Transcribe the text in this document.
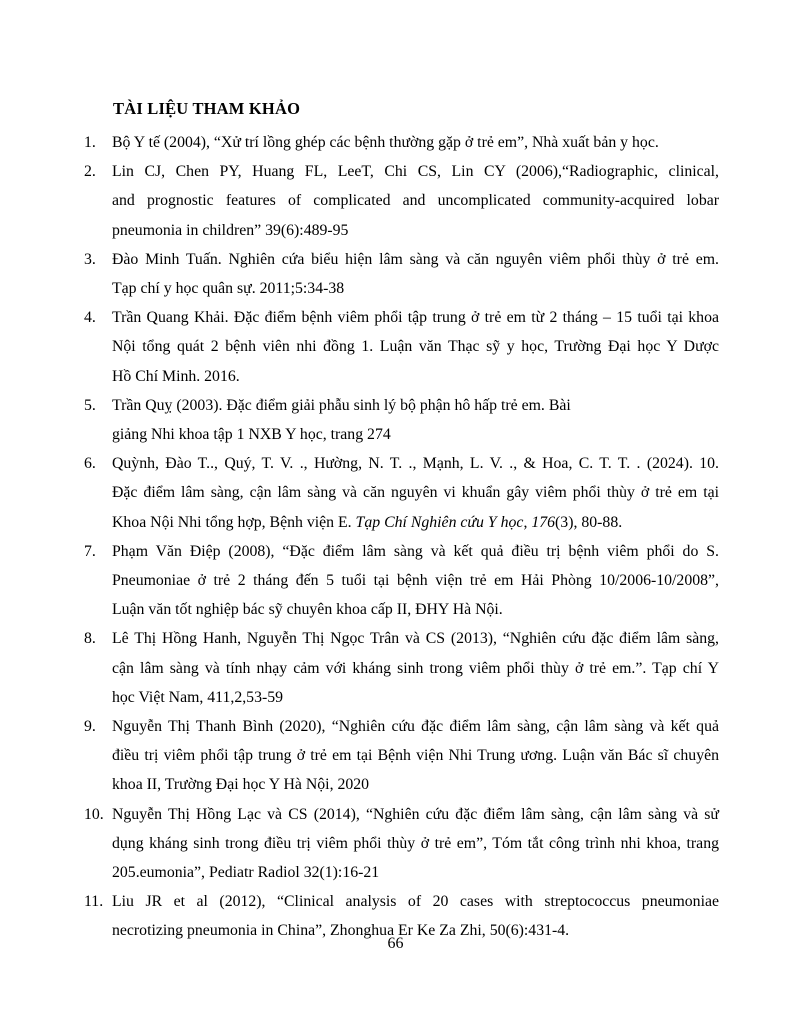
TÀI LIỆU THAM KHẢO
1.	Bộ Y tế (2004), “Xử trí lồng ghép các bệnh thường gặp ở trẻ em”, Nhà xuất bản y học.
2.	Lin CJ, Chen PY, Huang FL, LeeT, Chi CS, Lin CY (2006),“Radiographic, clinical,
and prognostic features of complicated and uncomplicated community-acquired lobar
pneumonia in children” 39(6):489-95
3.	Đào Minh Tuấn. Nghiên cứa biểu hiện lâm sàng và căn nguyên viêm phổi thùy ở trẻ em.
Tạp chí y học quân sự. 2011;5:34-38
4.	Trần Quang Khải. Đặc điểm bệnh viêm phổi tập trung ở trẻ em từ 2 tháng – 15 tuổi tại khoa
Nội tổng quát 2 bệnh viên nhi đồng 1. Luận văn Thạc sỹ y học, Trường Đại học Y Dược
Hồ Chí Minh. 2016.
5.	Trần Quỵ (2003). Đặc điểm giải phẫu sinh lý bộ phận hô hấp trẻ em. Bài
giảng Nhi khoa tập 1 NXB Y học, trang 274
6.	Quỳnh, Đào T.., Quý, T. V. ., Hường, N. T. ., Mạnh, L. V. ., & Hoa, C. T. T. . (2024). 10.
Đặc điểm lâm sàng, cận lâm sàng và căn nguyên vi khuẩn gây viêm phổi thùy ở trẻ em tại
Khoa Nội Nhi tổng hợp, Bệnh viện E. Tạp Chí Nghiên cứu Y học, 176(3), 80-88.
7.	Phạm Văn Điệp (2008), “Đặc điểm lâm sàng và kết quả điều trị bệnh viêm phổi do S.
Pneumoniae ở trẻ 2 tháng đến 5 tuổi tại bệnh viện trẻ em Hải Phòng 10/2006-10/2008”,
Luận văn tốt nghiệp bác sỹ chuyên khoa cấp II, ĐHY Hà Nội.
8.	Lê Thị Hồng Hanh, Nguyễn Thị Ngọc Trân và CS (2013), “Nghiên cứu đặc điểm lâm sàng,
cận lâm sàng và tính nhạy cảm với kháng sinh trong viêm phổi thùy ở trẻ em.”. Tạp chí Y
học Việt Nam, 411,2,53-59
9.	Nguyễn Thị Thanh Bình (2020), “Nghiên cứu đặc điểm lâm sàng, cận lâm sàng và kết quả
điều trị viêm phổi tập trung ở trẻ em tại Bệnh viện Nhi Trung ương. Luận văn Bác sĩ chuyên
khoa II, Trường Đại học Y Hà Nội, 2020
10. Nguyễn Thị Hồng Lạc và CS (2014), “Nghiên cứu đặc điểm lâm sàng, cận lâm sàng và sử
dụng kháng sinh trong điều trị viêm phổi thùy ở trẻ em”, Tóm tắt công trình nhi khoa, trang
205.eumonia”, Pediatr Radiol 32(1):16-21
11. Liu JR et al (2012), “Clinical analysis of 20 cases with streptococcus pneumoniae
necrotizing pneumonia in China”, Zhonghua Er Ke Za Zhi, 50(6):431-4.
66
